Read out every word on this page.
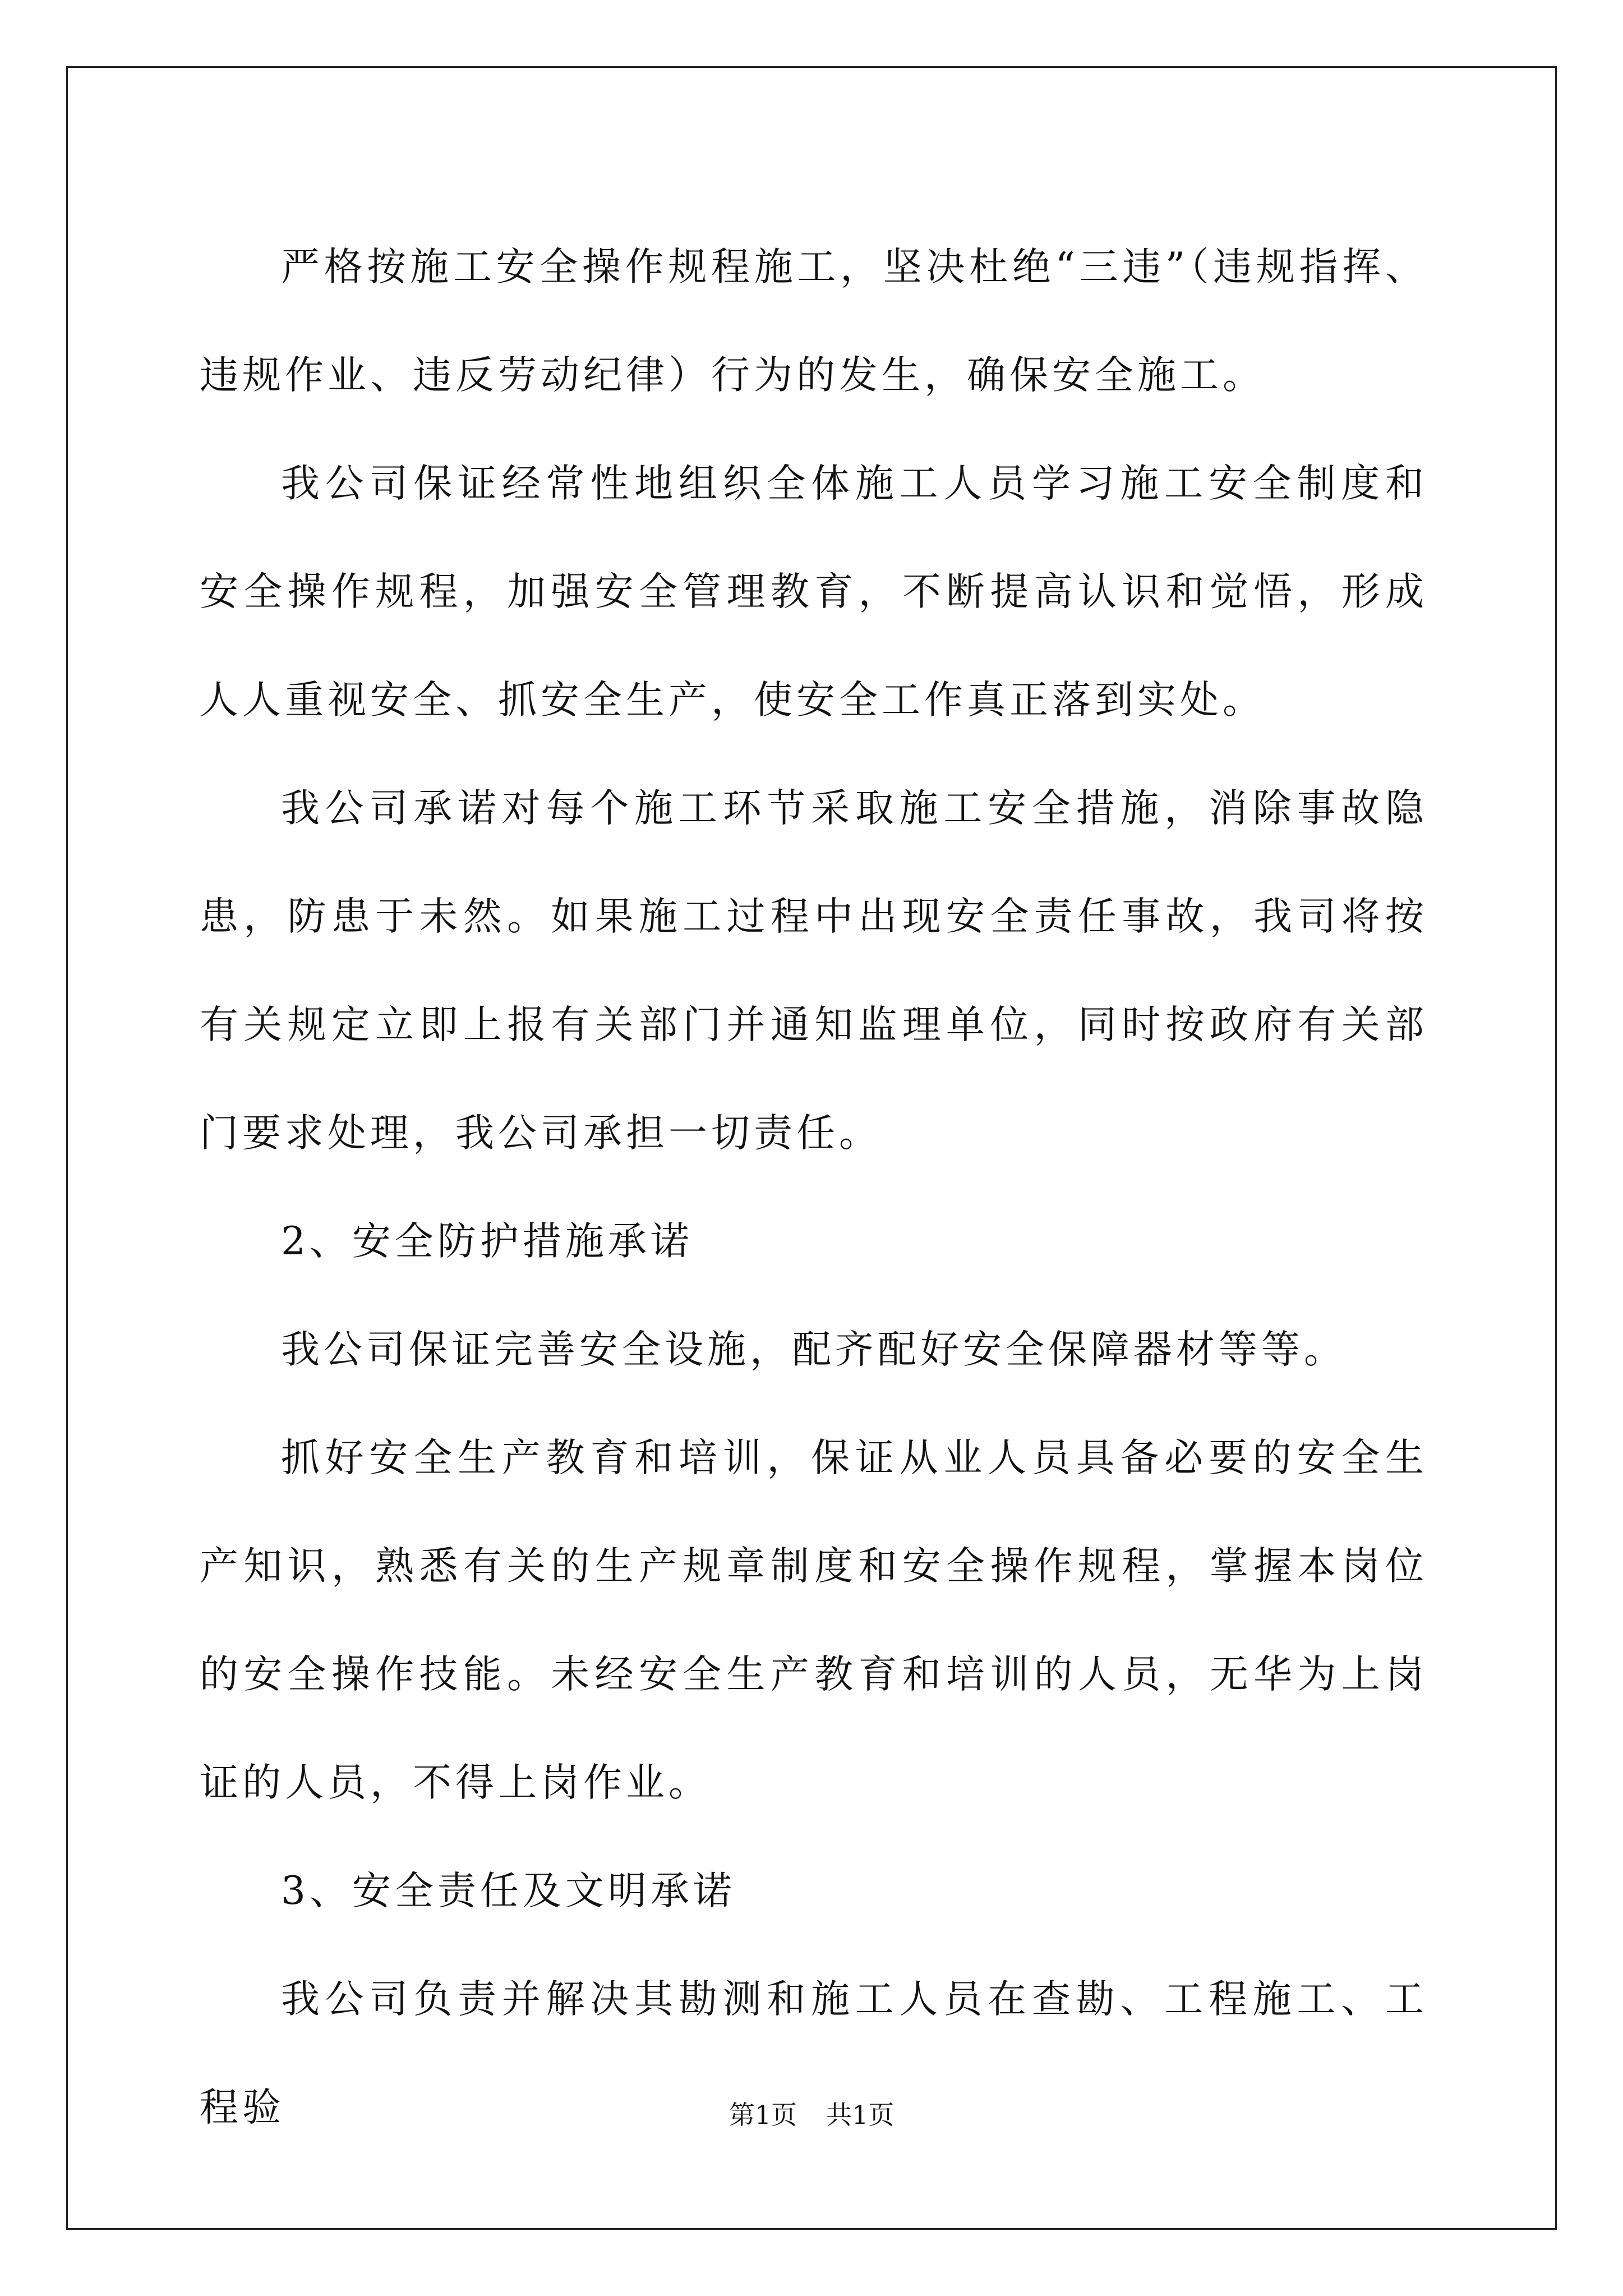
严格按施工安全操作规程施工，坚决杜绝“三违”（违规指挥、违规作业、违反劳动纪律）行为的发生，确保安全施工。

我公司保证经常性地组织全体施工人员学习施工安全制度和安全操作规程，加强安全管理教育，不断提高认识和觉悟，形成人人重视安全、抓安全生产，使安全工作真正落到实处。

我公司承诺对每个施工环节采取施工安全措施，消除事故隐患，防患于未然。如果施工过程中出现安全责任事故，我司将按有关规定立即上报有关部门并通知监理单位，同时按政府有关部门要求处理，我公司承担一切责任。

2、安全防护措施承诺

我公司保证完善安全设施，配齐配好安全保障器材等等。

抓好安全生产教育和培训，保证从业人员具备必要的安全生产知识，熟悉有关的生产规章制度和安全操作规程，掌握本岗位的安全操作技能。未经安全生产教育和培训的人员，无华为上岗证的人员，不得上岗作业。

3、安全责任及文明承诺

我公司负责并解决其勘测和施工人员在查勘、工程施工、工程验	第1页 共1页
